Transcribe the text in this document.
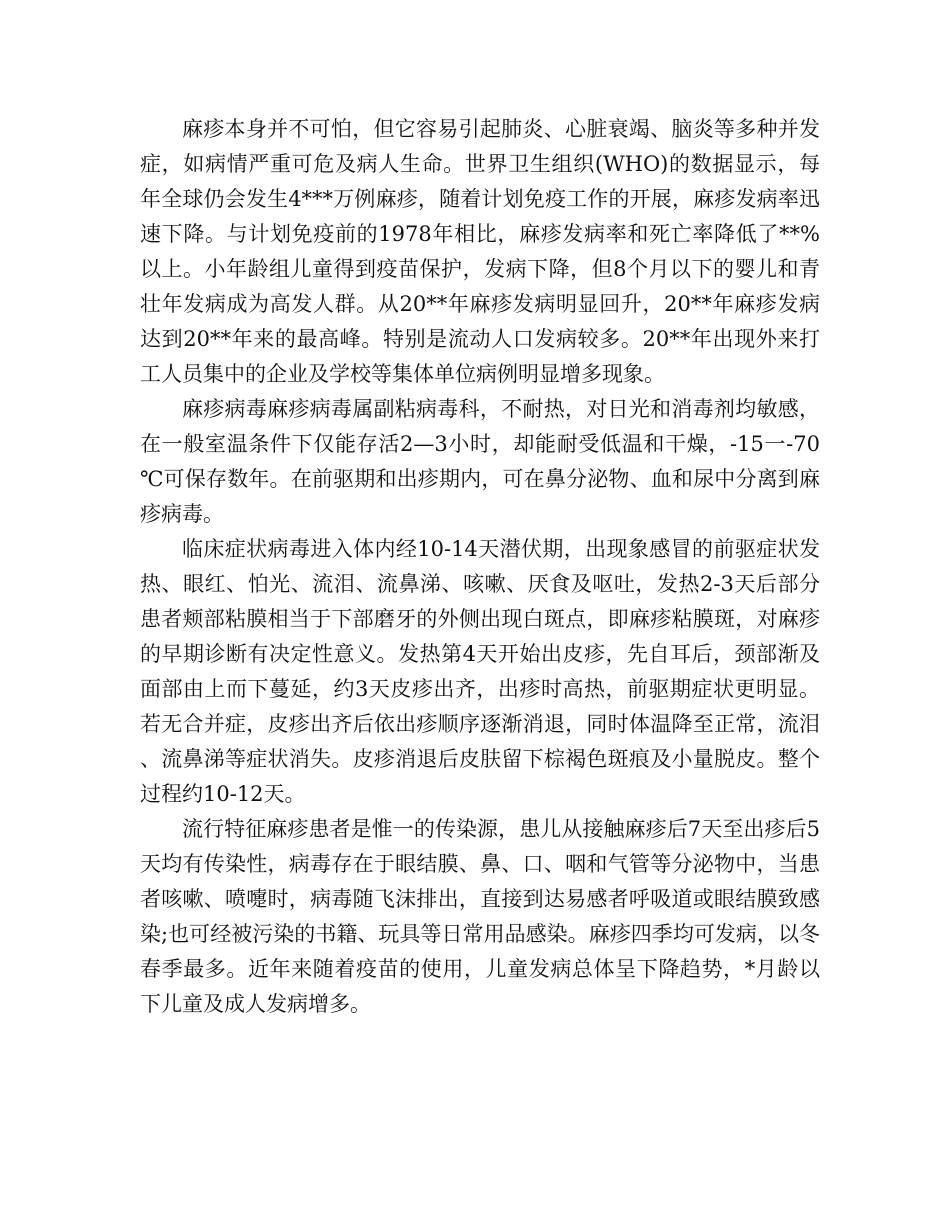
麻疹本身并不可怕，但它容易引起肺炎、心脏衰竭、脑炎等多种并发症，如病情严重可危及病人生命。世界卫生组织(WHO)的数据显示，每年全球仍会发生4***万例麻疹，随着计划免疫工作的开展，麻疹发病率迅速下降。与计划免疫前的1978年相比，麻疹发病率和死亡率降低了**%以上。小年龄组儿童得到疫苗保护，发病下降，但8个月以下的婴儿和青壮年发病成为高发人群。从20**年麻疹发病明显回升，20**年麻疹发病达到20**年来的最高峰。特别是流动人口发病较多。20**年出现外来打工人员集中的企业及学校等集体单位病例明显增多现象。

麻疹病毒麻疹病毒属副粘病毒科，不耐热，对日光和消毒剂均敏感，在一般室温条件下仅能存活2—3小时，却能耐受低温和干燥，-15一-70℃可保存数年。在前驱期和出疹期内，可在鼻分泌物、血和尿中分离到麻疹病毒。

临床症状病毒进入体内经10-14天潜伏期，出现象感冒的前驱症状发热、眼红、怕光、流泪、流鼻涕、咳嗽、厌食及呕吐，发热2-3天后部分患者颊部粘膜相当于下部磨牙的外侧出现白斑点，即麻疹粘膜斑，对麻疹的早期诊断有决定性意义。发热第4天开始出皮疹，先自耳后，颈部渐及面部由上而下蔓延，约3天皮疹出齐，出疹时高热，前驱期症状更明显。若无合并症，皮疹出齐后依出疹顺序逐渐消退，同时体温降至正常，流泪、流鼻涕等症状消失。皮疹消退后皮肤留下棕褐色斑痕及小量脱皮。整个过程约10-12天。

流行特征麻疹患者是惟一的传染源，患儿从接触麻疹后7天至出疹后5天均有传染性，病毒存在于眼结膜、鼻、口、咽和气管等分泌物中，当患者咳嗽、喷嚏时，病毒随飞沫排出，直接到达易感者呼吸道或眼结膜致感染;也可经被污染的书籍、玩具等日常用品感染。麻疹四季均可发病，以冬春季最多。近年来随着疫苗的使用，儿童发病总体呈下降趋势，*月龄以下儿童及成人发病增多。
